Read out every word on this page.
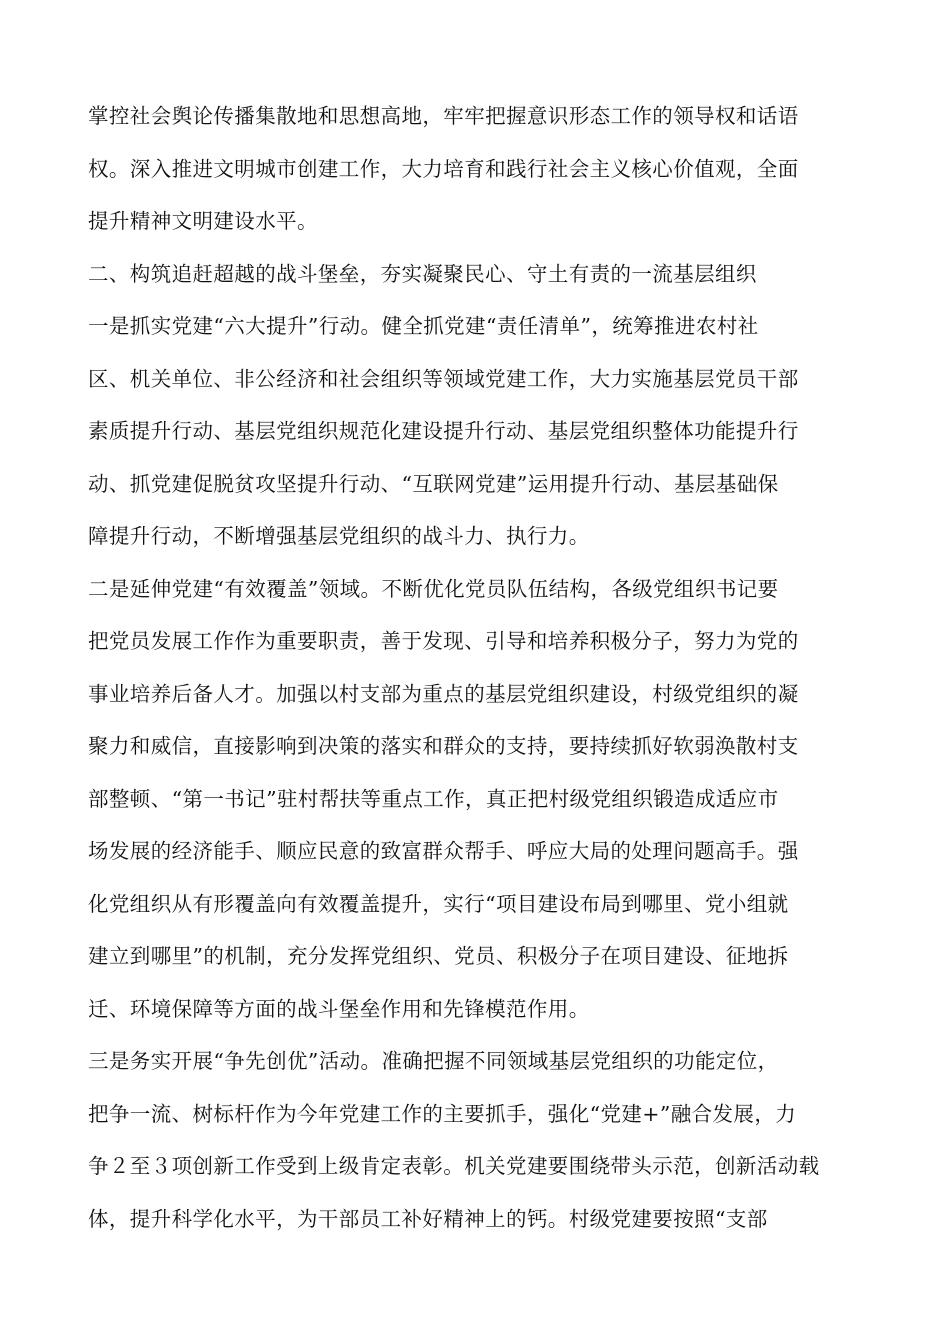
掌控社会舆论传播集散地和思想高地，牢牢把握意识形态工作的领导权和话语
权。深入推进文明城市创建工作，大力培育和践行社会主义核心价值观，全面
提升精神文明建设水平。
二、构筑追赶超越的战斗堡垒，夯实凝聚民心、守土有责的一流基层组织
一是抓实党建“六大提升”行动。健全抓党建“责任清单”，统筹推进农村社
区、机关单位、非公经济和社会组织等领域党建工作，大力实施基层党员干部
素质提升行动、基层党组织规范化建设提升行动、基层党组织整体功能提升行
动、抓党建促脱贫攻坚提升行动、“互联网党建”运用提升行动、基层基础保
障提升行动，不断增强基层党组织的战斗力、执行力。
二是延伸党建“有效覆盖”领域。不断优化党员队伍结构，各级党组织书记要
把党员发展工作作为重要职责，善于发现、引导和培养积极分子，努力为党的
事业培养后备人才。加强以村支部为重点的基层党组织建设，村级党组织的凝
聚力和威信，直接影响到决策的落实和群众的支持，要持续抓好软弱涣散村支
部整顿、“第一书记”驻村帮扶等重点工作，真正把村级党组织锻造成适应市
场发展的经济能手、顺应民意的致富群众帮手、呼应大局的处理问题高手。强
化党组织从有形覆盖向有效覆盖提升，实行“项目建设布局到哪里、党小组就
建立到哪里”的机制，充分发挥党组织、党员、积极分子在项目建设、征地拆
迁、环境保障等方面的战斗堡垒作用和先锋模范作用。
三是务实开展“争先创优”活动。准确把握不同领域基层党组织的功能定位，
把争一流、树标杆作为今年党建工作的主要抓手，强化“党建+”融合发展，力
争２至３项创新工作受到上级肯定表彰。机关党建要围绕带头示范，创新活动载
体，提升科学化水平，为干部员工补好精神上的钙。村级党建要按照“支部
